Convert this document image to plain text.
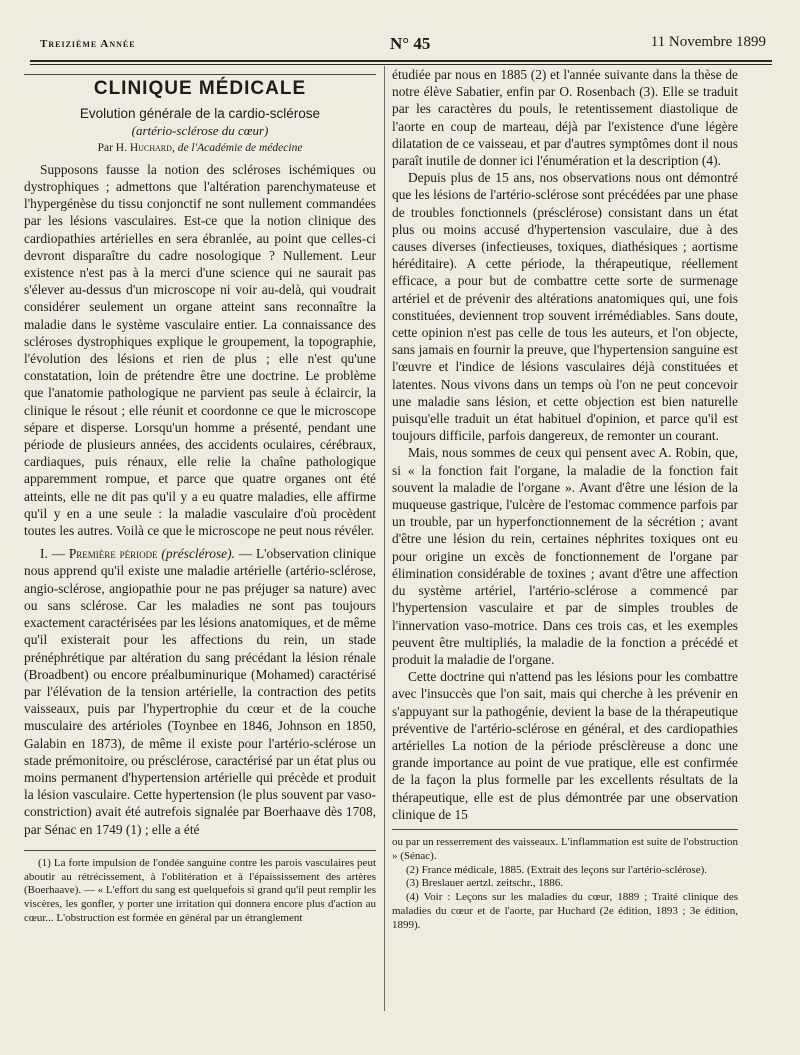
Treizième Année	N° 45	11 Novembre 1899
CLINIQUE MÉDICALE
Evolution générale de la cardio-sclérose
(artério-sclérose du cœur)
Par H. Huchard, de l'Académie de médecine

Supposons fausse la notion des scléroses ischémiques ou dystrophiques ; admettons que l'altération parenchymateuse et l'hypergénèse du tissu conjonctif ne sont nullement commandées par les lésions vasculaires. Est-ce que la notion clinique des cardiopathies artérielles en sera ébranlée, au point que celles-ci devront disparaître du cadre nosologique ? Nullement. Leur existence n'est pas à la merci d'une science qui ne saurait pas s'élever au-dessus d'un microscope ni voir au-delà, qui voudrait considérer seulement un organe atteint sans reconnaître la maladie dans le système vasculaire entier. La connaissance des scléroses dystrophiques explique le groupement, la topographie, l'évolution des lésions et rien de plus ; elle n'est qu'une constatation, loin de prétendre être une doctrine. Le problème que l'anatomie pathologique ne parvient pas seule à éclaircir, la clinique le résout ; elle réunit et coordonne ce que le microscope sépare et disperse. Lorsqu'un homme a présenté, pendant une période de plusieurs années, des accidents oculaires, cérébraux, cardiaques, puis rénaux, elle relie la chaîne pathologique apparemment rompue, et parce que quatre organes ont été atteints, elle ne dit pas qu'il y a eu quatre maladies, elle affirme qu'il y en a une seule : la maladie vasculaire d'où procèdent toutes les autres. Voilà ce que le microscope ne peut nous révéler.

I. — Première période (présclérose). — L'observation clinique nous apprend qu'il existe une maladie artérielle (artério-sclérose, angio-sclérose, angiopathie pour ne pas préjuger sa nature) avec ou sans sclérose. Car les maladies ne sont pas toujours exactement caractérisées par les lésions anatomiques, et de même qu'il existerait pour les affections du rein, un stade prénéphrétique par altération du sang précédant la lésion rénale (Broadbent) ou encore préalbuminurique (Mohamed) caractérisé par l'élévation de la tension artérielle, la contraction des petits vaisseaux, puis par l'hypertrophie du cœur et de la couche musculaire des artérioles (Toynbee en 1846, Johnson en 1850, Galabin en 1873), de même il existe pour l'artério-sclérose un stade prémonitoire, ou présclérose, caractérisé par un état plus ou moins permanent d'hypertension artérielle qui précède et produit la lésion vasculaire. Cette hypertension (le plus souvent par vaso-constriction) avait été autrefois signalée par Boerhaave dès 1708, par Sénac en 1749 (1) ; elle a été

(1) La forte impulsion de l'ondée sanguine contre les parois vasculaires peut aboutir au rétrécissement, à l'oblitération et à l'épaississement des artères (Boerhaave). — « L'effort du sang est quelquefois si grand qu'il peut remplir les viscères, les gonfler, y porter une irritation qui donnera encore plus d'action au cœur... L'obstruction est formée en général par un étranglement

étudiée par nous en 1885 (2) et l'année suivante dans la thèse de notre élève Sabatier, enfin par O. Rosenbach (3). Elle se traduit par les caractères du pouls, le retentissement diastolique de l'aorte en coup de marteau, déjà par l'existence d'une légère dilatation de ce vaisseau, et par d'autres symptômes dont il nous paraît inutile de donner ici l'énumération et la description (4).

Depuis plus de 15 ans, nos observations nous ont démontré que les lésions de l'artério-sclérose sont précédées par une phase de troubles fonctionnels (présclérose) consistant dans un état plus ou moins accusé d'hypertension vasculaire, due à des causes diverses (infectieuses, toxiques, diathésiques ; aortisme héréditaire). A cette période, la thérapeutique, réellement efficace, a pour but de combattre cette sorte de surmenage artériel et de prévenir des altérations anatomiques qui, une fois constituées, deviennent trop souvent irrémédiables. Sans doute, cette opinion n'est pas celle de tous les auteurs, et l'on objecte, sans jamais en fournir la preuve, que l'hypertension sanguine est l'œuvre et l'indice de lésions vasculaires déjà constituées et latentes. Nous vivons dans un temps où l'on ne peut concevoir une maladie sans lésion, et cette objection est bien naturelle puisqu'elle traduit un état habituel d'opinion, et parce qu'il est toujours difficile, parfois dangereux, de remonter un courant.

Mais, nous sommes de ceux qui pensent avec A. Robin, que, si « la fonction fait l'organe, la maladie de la fonction fait souvent la maladie de l'organe ». Avant d'être une lésion de la muqueuse gastrique, l'ulcère de l'estomac commence parfois par un trouble, par un hyperfonctionnement de la sécrétion ; avant d'être une lésion du rein, certaines néphrites toxiques ont eu pour origine un excès de fonctionnement de l'organe par élimination considérable de toxines ; avant d'être une affection du système artériel, l'artério-sclérose a commencé par l'hypertension vasculaire et par de simples troubles de l'innervation vaso-motrice. Dans ces trois cas, et les exemples peuvent être multipliés, la maladie de la fonction a précédé et produit la maladie de l'organe.

Cette doctrine qui n'attend pas les lésions pour les combattre avec l'insuccès que l'on sait, mais qui cherche à les prévenir en s'appuyant sur la pathogénie, devient la base de la thérapeutique préventive de l'artério-sclérose en général, et des cardiopathies artérielles La notion de la période présclèreuse a donc une grande importance au point de vue pratique, elle est confirmée de la façon la plus formelle par les excellents résultats de la thérapeutique, elle est de plus démontrée par une observation clinique de 15

ou par un resserrement des vaisseaux. L'inflammation est suite de l'obstruction » (Sénac).

(2) France médicale, 1885. (Extrait des leçons sur l'artério-sclérose).

(3) Breslauer aertzl. zeitschr., 1886.

(4) Voir : Leçons sur les maladies du cœur, 1889 ; Traité clinique des maladies du cœur et de l'aorte, par Huchard (2e édition, 1893 ; 3e édition, 1899).
